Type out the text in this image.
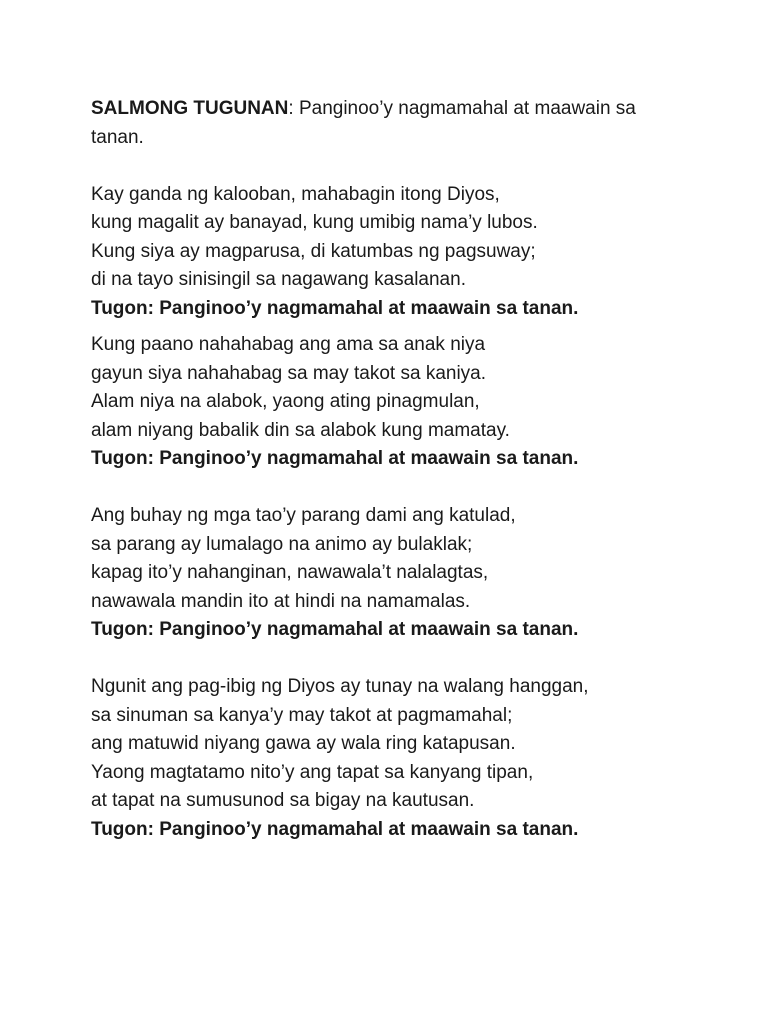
SALMONG TUGUNAN: Panginoo’y nagmamahal at maawain sa
tanan.
Kay ganda ng kalooban, mahabagin itong Diyos,
kung magalit ay banayad, kung umibig nama’y lubos.
Kung siya ay magparusa, di katumbas ng pagsuway;
di na tayo sinisingil sa nagawang kasalanan.
Tugon: Panginoo’y nagmamahal at maawain sa tanan.
Kung paano nahahabag ang ama sa anak niya
gayun siya nahahabag sa may takot sa kaniya.
Alam niya na alabok, yaong ating pinagmulan,
alam niyang babalik din sa alabok kung mamatay.
Tugon: Panginoo’y nagmamahal at maawain sa tanan.
Ang buhay ng mga tao’y parang dami ang katulad,
sa parang ay lumalago na animo ay bulaklak;
kapag ito’y nahanginan, nawawala’t nalalagtas,
nawawala mandin ito at hindi na namamalas.
Tugon: Panginoo’y nagmamahal at maawain sa tanan.
Ngunit ang pag-ibig ng Diyos ay tunay na walang hanggan,
sa sinuman sa kanya’y may takot at pagmamahal;
ang matuwid niyang gawa ay wala ring katapusan.
Yaong magtatamo nito’y ang tapat sa kanyang tipan,
at tapat na sumusunod sa bigay na kautusan.
Tugon: Panginoo’y nagmamahal at maawain sa tanan.
